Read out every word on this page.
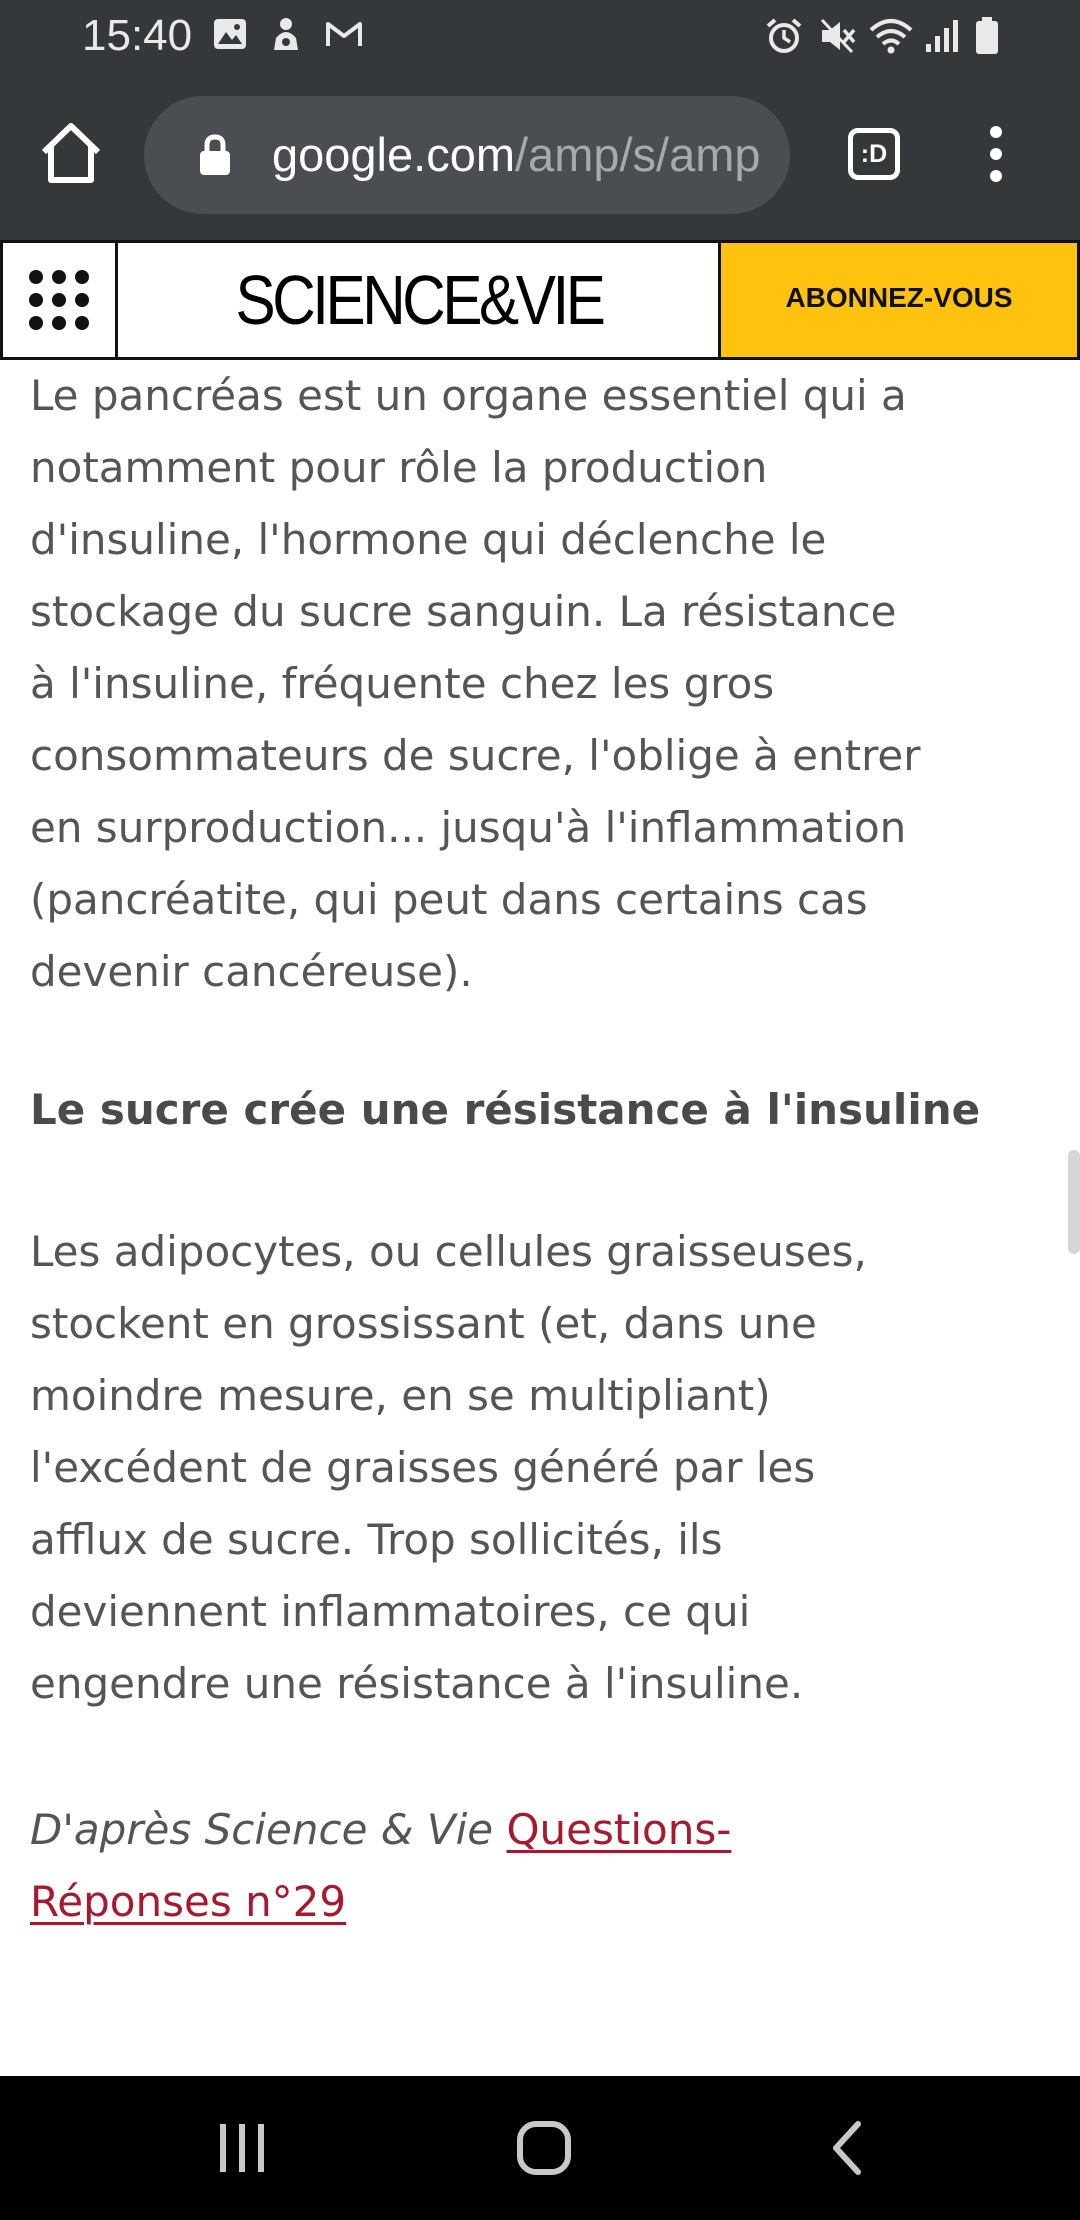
15:40
google.com/amp/s/amp	:D
SCIENCE&VIE	ABONNEZ-VOUS
Le pancréas est un organe essentiel qui a
notamment pour rôle la production
d'insuline, l'hormone qui déclenche le
stockage du sucre sanguin. La résistance
à l'insuline, fréquente chez les gros
consommateurs de sucre, l'oblige à entrer
en surproduction... jusqu'à l'inflammation
(pancréatite, qui peut dans certains cas
devenir cancéreuse).
Le sucre crée une résistance à l'insuline
Les adipocytes, ou cellules graisseuses,
stockent en grossissant (et, dans une
moindre mesure, en se multipliant)
l'excédent de graisses généré par les
afflux de sucre. Trop sollicités, ils
deviennent inflammatoires, ce qui
engendre une résistance à l'insuline.

D'après Science & Vie Questions-
Réponses n°29
